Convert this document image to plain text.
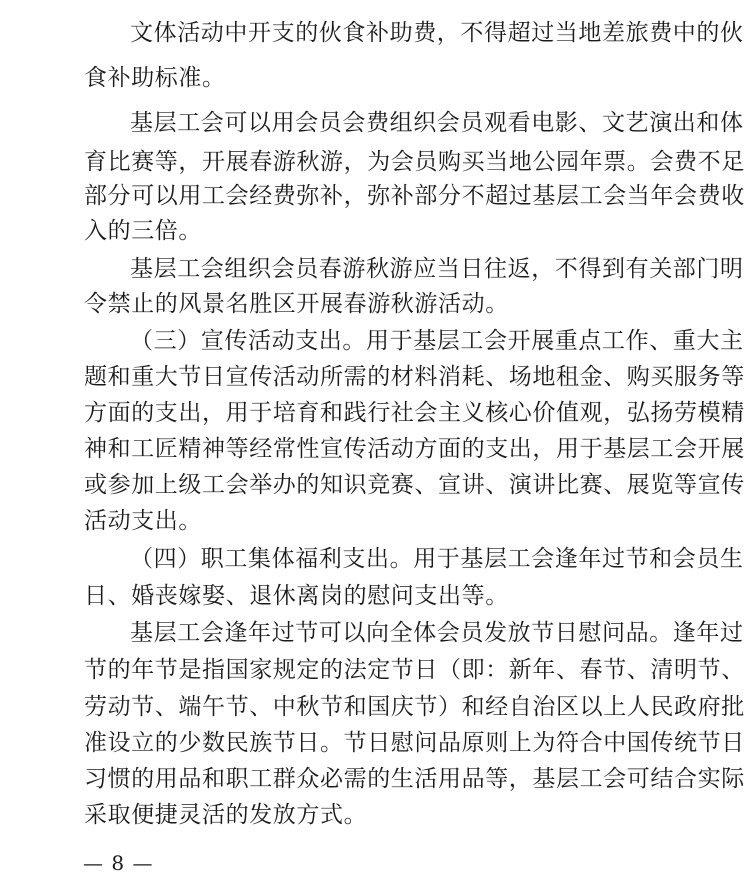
文体活动中开支的伙食补助费，不得超过当地差旅费中的伙
食补助标准。
基层工会可以用会员会费组织会员观看电影、文艺演出和体
育比赛等，开展春游秋游，为会员购买当地公园年票。会费不足
部分可以用工会经费弥补，弥补部分不超过基层工会当年会费收
入的三倍。
基层工会组织会员春游秋游应当日往返，不得到有关部门明
令禁止的风景名胜区开展春游秋游活动。
（三）宣传活动支出。用于基层工会开展重点工作、重大主
题和重大节日宣传活动所需的材料消耗、场地租金、购买服务等
方面的支出，用于培育和践行社会主义核心价值观，弘扬劳模精
神和工匠精神等经常性宣传活动方面的支出，用于基层工会开展
或参加上级工会举办的知识竞赛、宣讲、演讲比赛、展览等宣传
活动支出。
（四）职工集体福利支出。用于基层工会逢年过节和会员生
日、婚丧嫁娶、退休离岗的慰问支出等。
基层工会逢年过节可以向全体会员发放节日慰问品。逢年过
节的年节是指国家规定的法定节日（即：新年、春节、清明节、
劳动节、端午节、中秋节和国庆节）和经自治区以上人民政府批
准设立的少数民族节日。节日慰问品原则上为符合中国传统节日
习惯的用品和职工群众必需的生活用品等，基层工会可结合实际
采取便捷灵活的发放方式。
— 8 —
